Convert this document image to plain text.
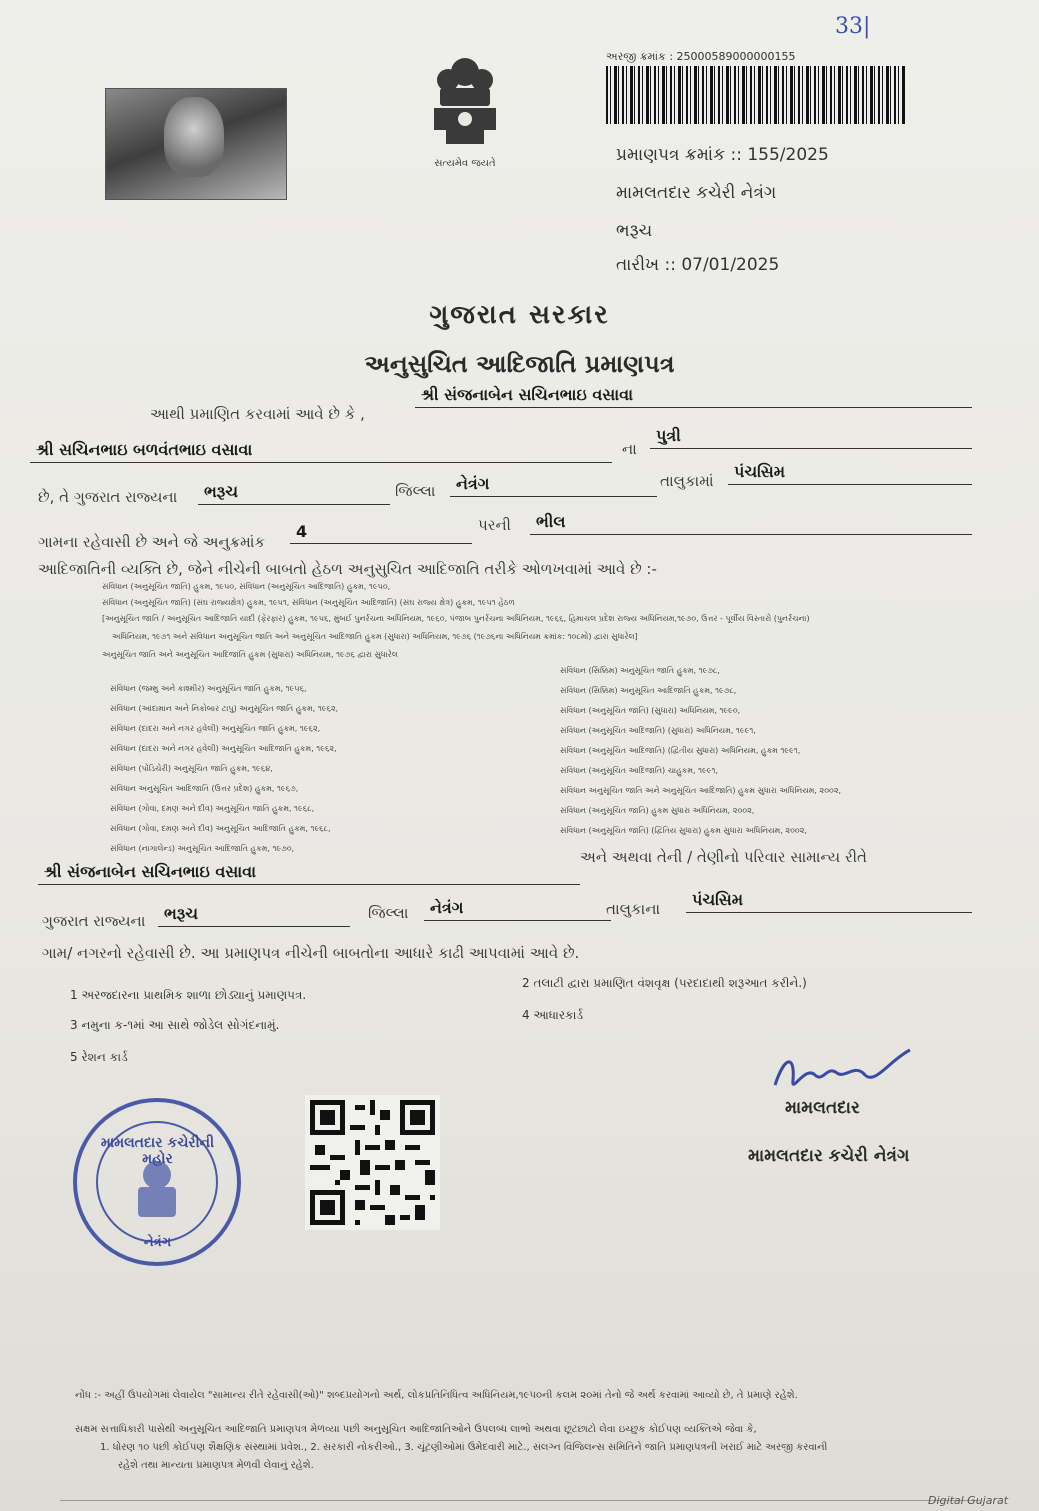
33|
સત્યમેવ જયતે
અરજી ક્રમાંક : 25000589000000155
પ્રમાણપત્ર ક્રમાંક :: 155/2025
મામલતદાર કચેરી નેત્રંગ
ભરૂચ
તારીખ :: 07/01/2025
ગુજરાત સરકાર
અનુસુચિત આદિજાતિ પ્રમાણપત્ર
આથી પ્રમાણિત કરવામાં આવે છે કે ,
શ્રી સંજનાબેન સચિનભાઇ વસાવા
શ્રી સચિનભાઇ બળવંતભાઇ વસાવા	ના
પુત્રી
છે, તે ગુજરાત રાજ્યના	ભરૂચ	જિલ્લા	નેત્રંગ	તાલુકામાં	પંચસિમ
ગામના રહેવાસી છે અને જે અનુક્રમાંક
4	પરની	ભીલ
આદિજાતિની વ્યક્તિ છે, જેને નીચેની બાબતો હેઠળ અનુસુચિત આદિજાતિ તરીકે ઓળખવામાં આવે છે :-
સંવિધાન (અનુસૂચિત જાતિ) હુકમ, ૧૯૫૦, સંવિધાન (અનુસૂચિત આદિજાતિ) હુકમ, ૧૯૫૦,
સંવિધાન (અનુસૂચિત જાતિ) (સંઘ રાજ્યક્ષેત્ર) હુકમ, ૧૯૫૧, સંવિધાન (અનુસૂચિત આદિજાતિ) (સંઘ રાજ્ય ક્ષેત્ર) હુકમ, ૧૯૫૧ હેઠળ
[અનુસૂચિત જાતિ / અનુસૂચિત આદિજાતિ યાદી (ફેરફાર) હુકમ, ૧૯૫૬, મુંબઈ પુનર્રચના અધિનિયમ, ૧૯૬૦, પંજાબ પુનર્રચના અધિનિયમ, ૧૯૬૬, હિમાચલ પ્રદેશ રાજ્ય અધિનિયમ,૧૯૭૦, ઉત્તર - પૂર્વીય વિસ્તારો (પુનર્રચના)
અધિનિયમ, ૧૯૭૧ અને સંવિધાન અનુસૂચિત જાતિ અને અનુસૂચિત આદિજાતિ હુકમ (સુધારા) અધિનિયમ, ૧૯૭૬ (૧૯૭૬ના અધિનિયમ ક્રમાંક: ૧૦૮મો) દ્વારા સુધારેલ]
અનુસૂચિત જાતિ અને અનુસૂચિત આદિજાતિ હુકમ (સુધારા) અધિનિયમ, ૧૯૭૬ દ્વારા સુધારેલ
સંવિધાન (જમ્મુ અને કાશ્મીર) અનુસૂચિત જાતિ હુકમ, ૧૯૫૬,
સંવિધાન (આંદામાન અને નિકોબાર ટાપુ) અનુસૂચિત જાતિ હુકમ, ૧૯૬૨,
સંવિધાન (દાદરા અને નગર હવેલી) અનુસૂચિત જાતિ હુકમ, ૧૯૬૨,
સંવિધાન (દાદરા અને નગર હવેલી) અનુસૂચિત આદિજાતિ હુકમ, ૧૯૬૨,
સંવિધાન (પોંડિચેરી) અનુસૂચિત જાતિ હુકમ, ૧૯૬૪,
સંવિધાન અનુસૂચિત આદિજાતિ (ઉત્તર પ્રદેશ) હુકમ, ૧૯૬૭,
સંવિધાન (ગોવા, દમણ અને દીવ) અનુસૂચિત જાતિ હુકમ, ૧૯૬૮,
સંવિધાન (ગોવા, દમણ અને દીવ) અનુસૂચિત આદિજાતિ હુકમ, ૧૯૬૮,
સંવિધાન (નાગાલેન્ડ) અનુસૂચિત આદિજાતિ હુકમ, ૧૯૭૦,
સંવિધાન (સિક્કિમ) અનુસૂચિત જાતિ હુકમ, ૧૯૭૮,
સંવિધાન (સિક્કિમ) અનુસૂચિત આદિજાતિ હુકમ, ૧૯૭૮,
સંવિધાન (અનુસૂચિત જાતિ) (સુધારા) અધિનિયમ, ૧૯૯૦,
સંવિધાન (અનુસૂચિત આદિજાતિ) (સુધારા) અધિનિયમ, ૧૯૯૧,
સંવિધાન (અનુસૂચિત આદિજાતિ) (દ્વિતીય સુધારા) અધિનિયમ, હુકમ ૧૯૯૧,
સંવિધાન (અનુસૂચિત આદિજાતિ) ચાહુકમ, ૧૯૯૧,
સંવિધાન અનુસૂચિત જાતિ અને અનુસૂચિત આદિજાતિ) હુકમ સુધારા અધિનિયમ, ૨૦૦૨,
સંવિધાન (અનુસૂચિત જાતિ) હુકમ સુધારા અધિનિયમ, ૨૦૦૨,
સંવિધાન (અનુસૂચિત જાતિ) (દ્વિતિય સુધારા) હુકમ સુધારા અધિનિયમ, ૨૦૦૨,
અને અથવા તેની / તેણીનો પરિવાર સામાન્ય રીતે
શ્રી સંજનાબેન સચિનભાઇ વસાવા
ગુજરાત રાજ્યના	ભરૂચ	જિલ્લા	નેત્રંગ	તાલુકાના	પંચસિમ
ગામ/ નગરનો રહેવાસી છે. આ પ્રમાણપત્ર નીચેની બાબતોના આધારે કાઢી આપવામાં આવે છે.
1 અરજદારના પ્રાથમિક શાળા છોડ્યાનું પ્રમાણપત્ર.
2 તલાટી દ્વારા પ્રમાણિત વંશવૃક્ષ (પરદાદાથી શરૂઆત કરીને.)
3 નમુના ક-૧માં આ સાથે જોડેલ સોગંદનામું.
4 આધારકાર્ડ
5 રેશન કાર્ડ
મામલતદાર કચેરીની મહોર
નેત્રંગ
મામલતદાર
મામલતદાર કચેરી નેત્રંગ
નોંધ :- અહીં ઉપયોગમાં લેવાયેલ "સામાન્ય રીતે રહેવાસી(ઓ)" શબ્દપ્રયોગનો અર્થ, લોકપ્રતિનિધિત્વ અધિનિયમ,૧૯૫૦ની કલમ ૨૦માં તેનો જે અર્થ કરવામાં આવ્યો છે, તે પ્રમાણે રહેશે.
સક્ષમ સત્તાધિકારી પાસેથી અનુસૂચિત આદિજાતિ પ્રમાણપત્ર મેળવ્યા પછી અનુસૂચિત આદિજાતિઓને ઉપલબ્ધ લાભો અથવા છૂટછાટો લેવા ઇચ્છુક કોઈપણ વ્યક્તિએ જેવા કે,
1. ધોરણ ૧૦ પછી કોઈપણ શૈક્ષણિક સંસ્થામાં પ્રવેશ., 2. સરકારી નોકરીઓ., 3. ચૂંટણીઓમાં ઉમેદવારી માટે., સંલગ્ન વિજિલન્સ સમિતિને જાતિ પ્રમાણપત્રની ખરાઈ માટે અરજી કરવાની
રહેશે તથા માન્યતા પ્રમાણપત્ર મેળવી લેવાનું રહેશે.
Digital Gujarat
